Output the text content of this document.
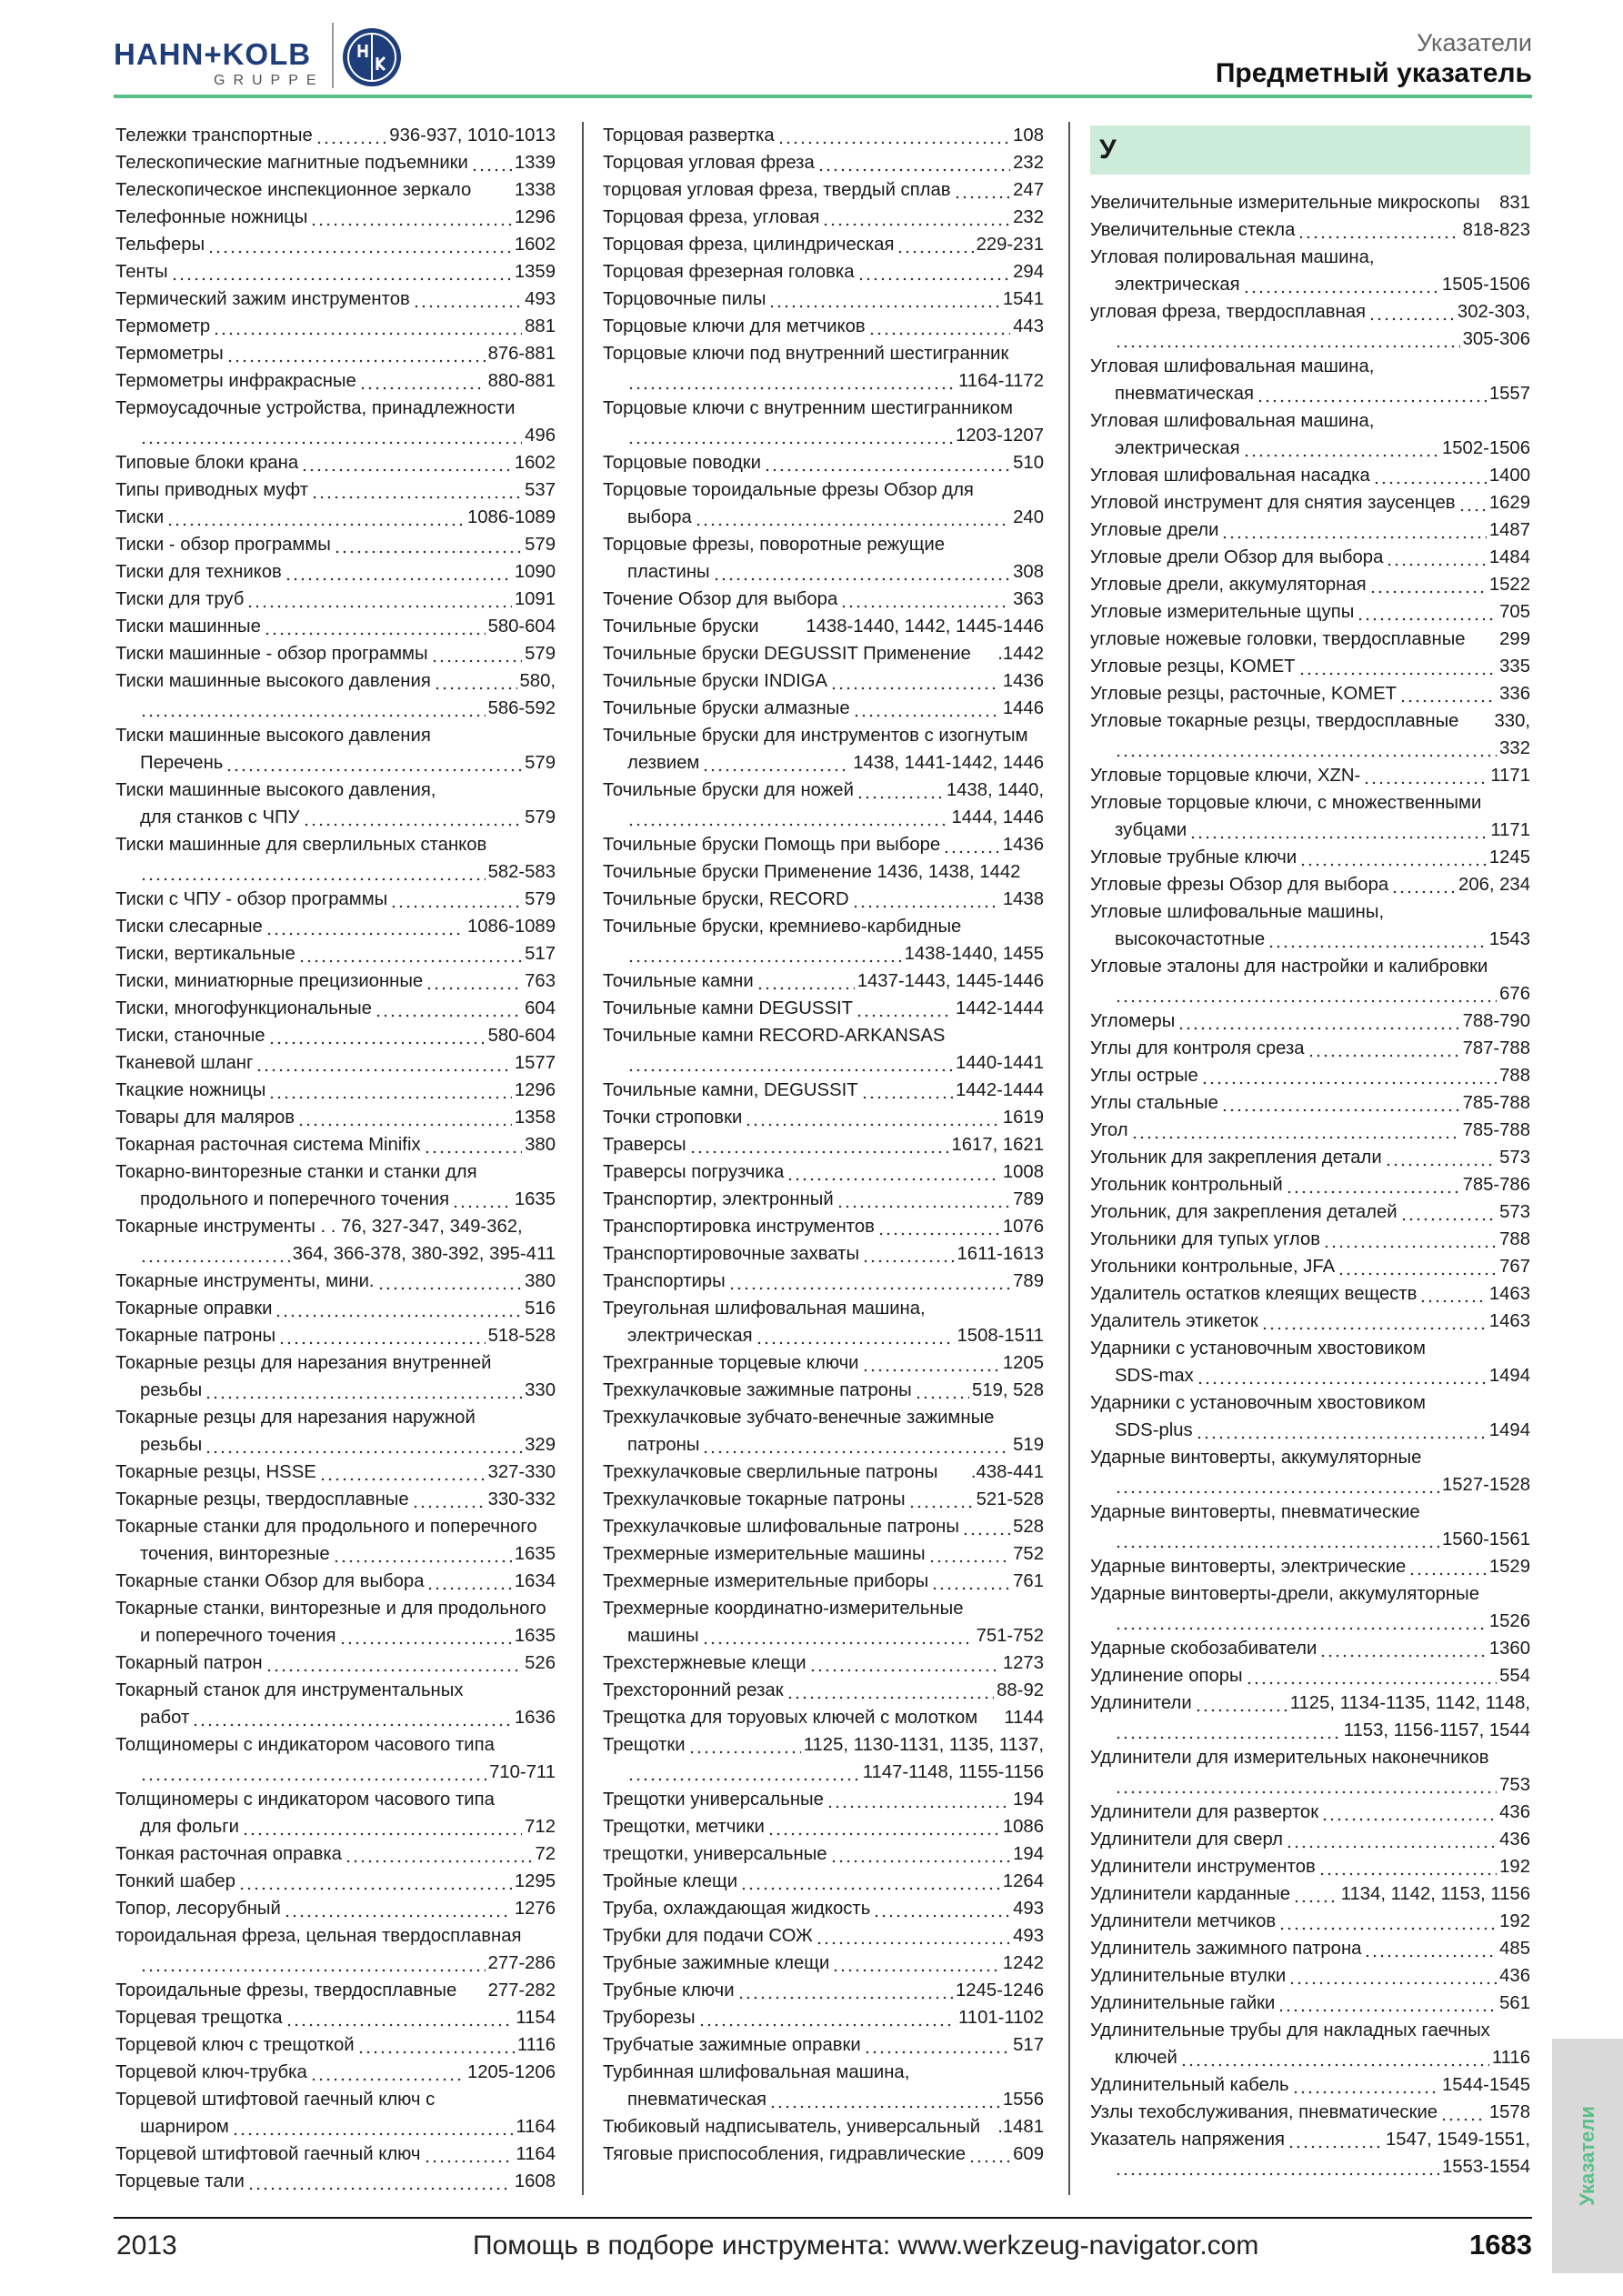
HAHN+KOLB
GRUPPE
Указатели
Предметный указатель
Тележки транспортные	936-937, 1010-1013
Телескопические магнитные подъемники	1339
Телескопическое инспекционное зеркало 1338
Телефонные ножницы	1296
Тельферы	1602
Тенты	1359
Термический зажим инструментов	493
Термометр	881
Термометры	876-881
Термометры инфракрасные	880-881
Термоусадочные устройства, принадлежности
496
Типовые блоки крана	1602
Типы приводных муфт	537
Тиски	1086-1089
Тиски - обзор программы	579
Тиски для техников	1090
Тиски для труб	1091
Тиски машинные	580-604
Тиски машинные - обзор программы	579
Тиски машинные высокого давления	580,
586-592
Тиски машинные высокого давления
Перечень	579
Тиски машинные высокого давления,
для станков с ЧПУ	579
Тиски машинные для сверлильных станков
582-583
Тиски с ЧПУ - обзор программы	579
Тиски слесарные	1086-1089
Тиски, вертикальные	517
Тиски, миниатюрные прецизионные	763
Тиски, многофункциональные	604
Тиски, станочные	580-604
Тканевой шланг	1577
Ткацкие ножницы	1296
Товары для маляров	1358
Токарная расточная система Minifix	380
Токарно-винторезные станки и станки для
продольного и поперечного точения	1635
Токарные инструменты . . 76, 327-347, 349-362,
364, 366-378, 380-392, 395-411
Токарные инструменты, мини.	380
Токарные оправки	516
Токарные патроны	518-528
Токарные резцы для нарезания внутренней
резьбы	330
Токарные резцы для нарезания наружной
резьбы	329
Токарные резцы, HSSE	327-330
Токарные резцы, твердосплавные	330-332
Токарные станки для продольного и поперечного
точения, винторезные	1635
Токарные станки Обзор для выбора	1634
Токарные станки, винторезные и для продольного
и поперечного точения	1635
Токарный патрон	526
Токарный станок для инструментальных
работ	1636
Толщиномеры с индикатором часового типа
710-711
Толщиномеры с индикатором часового типа
для фольги	712
Тонкая расточная оправка	72
Тонкий шабер	1295
Топор, лесорубный	1276
тороидальная фреза, цельная твердосплавная
277-286
Тороидальные фрезы, твердосплавные 277-282
Торцевая трещотка	1154
Торцевой ключ с трещоткой	1116
Торцевой ключ-трубка	1205-1206
Торцевой штифтовой гаечный ключ с
шарниром	1164
Торцевой штифтовой гаечный ключ	1164
Торцевые тали	1608
Торцовая развертка	108
Торцовая угловая фреза	232
торцовая угловая фреза, твердый сплав	247
Торцовая фреза, угловая	232
Торцовая фреза, цилиндрическая	229-231
Торцовая фрезерная головка	294
Торцовочные пилы	1541
Торцовые ключи для метчиков	443
Торцовые ключи под внутренний шестигранник
1164-1172
Торцовые ключи с внутренним шестигранником
1203-1207
Торцовые поводки	510
Торцовые тороидальные фрезы Обзор для
выбора	240
Торцовые фрезы, поворотные режущие
пластины	308
Точение Обзор для выбора	363
Точильные бруски	1438-1440, 1442, 1445-1446
Точильные бруски DEGUSSIT Применение .1442
Точильные бруски INDIGA	1436
Точильные бруски алмазные	1446
Точильные бруски для инструментов с изогнутым
лезвием	1438, 1441-1442, 1446
Точильные бруски для ножей	1438, 1440,
1444, 1446
Точильные бруски Помощь при выборе	1436
Точильные бруски Применение 1436, 1438, 1442
Точильные бруски, RECORD	1438
Точильные бруски, кремниево-карбидные
1438-1440, 1455
Точильные камни	1437-1443, 1445-1446
Точильные камни DEGUSSIT	1442-1444
Точильные камни RECORD-ARKANSAS
1440-1441
Точильные камни, DEGUSSIT	1442-1444
Точки строповки	1619
Траверсы	1617, 1621
Траверсы погрузчика	1008
Транспортир, электронный	789
Транспортировка инструментов	1076
Транспортировочные захваты	1611-1613
Транспортиры	789
Треугольная шлифовальная машина,
электрическая	1508-1511
Трехгранные торцевые ключи	1205
Трехкулачковые зажимные патроны	519, 528
Трехкулачковые зубчато-венечные зажимные
патроны	519
Трехкулачковые сверлильные патроны .438-441
Трехкулачковые токарные патроны	521-528
Трехкулачковые шлифовальные патроны	528
Трехмерные измерительные машины	752
Трехмерные измерительные приборы	761
Трехмерные координатно-измерительные
машины	751-752
Трехстержневые клещи	1273
Трехсторонний резак	88-92
Трещотка для торуовых ключей с молотком 1144
Трещотки	1125, 1130-1131, 1135, 1137,
1147-1148, 1155-1156
Трещотки универсальные	194
Трещотки, метчики	1086
трещотки, универсальные	194
Тройные клещи	1264
Труба, охлаждающая жидкость	493
Трубки для подачи СОЖ	493
Трубные зажимные клещи	1242
Трубные ключи	1245-1246
Труборезы	1101-1102
Трубчатые зажимные оправки	517
Турбинная шлифовальная машина,
пневматическая	1556
Тюбиковый надписыватель, универсальный .1481
Тяговые приспособления, гидравлические	609
У
Увеличительные измерительные микроскопы 831
Увеличительные стекла	818-823
Угловая полировальная машина,
электрическая	1505-1506
угловая фреза, твердосплавная	302-303,
305-306
Угловая шлифовальная машина,
пневматическая	1557
Угловая шлифовальная машина,
электрическая	1502-1506
Угловая шлифовальная насадка	1400
Угловой инструмент для снятия заусенцев 1629
Угловые дрели	1487
Угловые дрели Обзор для выбора	1484
Угловые дрели, аккумуляторная	1522
Угловые измерительные щупы	705
угловые ножевые головки, твердосплавные 299
Угловые резцы, KOMET	335
Угловые резцы, расточные, KOMET	336
Угловые токарные резцы, твердосплавные 330,
332
Угловые торцовые ключи, XZN-	1171
Угловые торцовые ключи, с множественными
зубцами	1171
Угловые трубные ключи	1245
Угловые фрезы Обзор для выбора	206, 234
Угловые шлифовальные машины,
высокочастотные	1543
Угловые эталоны для настройки и калибровки
676
Угломеры	788-790
Углы для контроля среза	787-788
Углы острые	788
Углы стальные	785-788
Угол	785-788
Угольник для закрепления детали	573
Угольник контрольный	785-786
Угольник, для закрепления деталей	573
Угольники для тупых углов	788
Угольники контрольные, JFA	767
Удалитель остатков клеящих веществ	1463
Удалитель этикеток	1463
Ударники с установочным хвостовиком
SDS-max	1494
Ударники с установочным хвостовиком
SDS-plus	1494
Ударные винтоверты, аккумуляторные
1527-1528
Ударные винтоверты, пневматические
1560-1561
Ударные винтоверты, электрические	1529
Ударные винтоверты-дрели, аккумуляторные
1526
Ударные скобозабиватели	1360
Удлинение опоры	554
Удлинители	1125, 1134-1135, 1142, 1148,
1153, 1156-1157, 1544
Удлинители для измерительных наконечников
753
Удлинители для разверток	436
Удлинители для сверл	436
Удлинители инструментов	192
Удлинители карданные	1134, 1142, 1153, 1156
Удлинители метчиков	192
Удлинитель зажимного патрона	485
Удлинительные втулки	436
Удлинительные гайки	561
Удлинительные трубы для накладных гаечных
ключей	1116
Удлинительный кабель	1544-1545
Узлы техобслуживания, пневматические	1578
Указатель напряжения	1547, 1549-1551,
1553-1554 Указатели
2013	Помощь в подборе инструмента: www.werkzeug-navigator.com	1683
